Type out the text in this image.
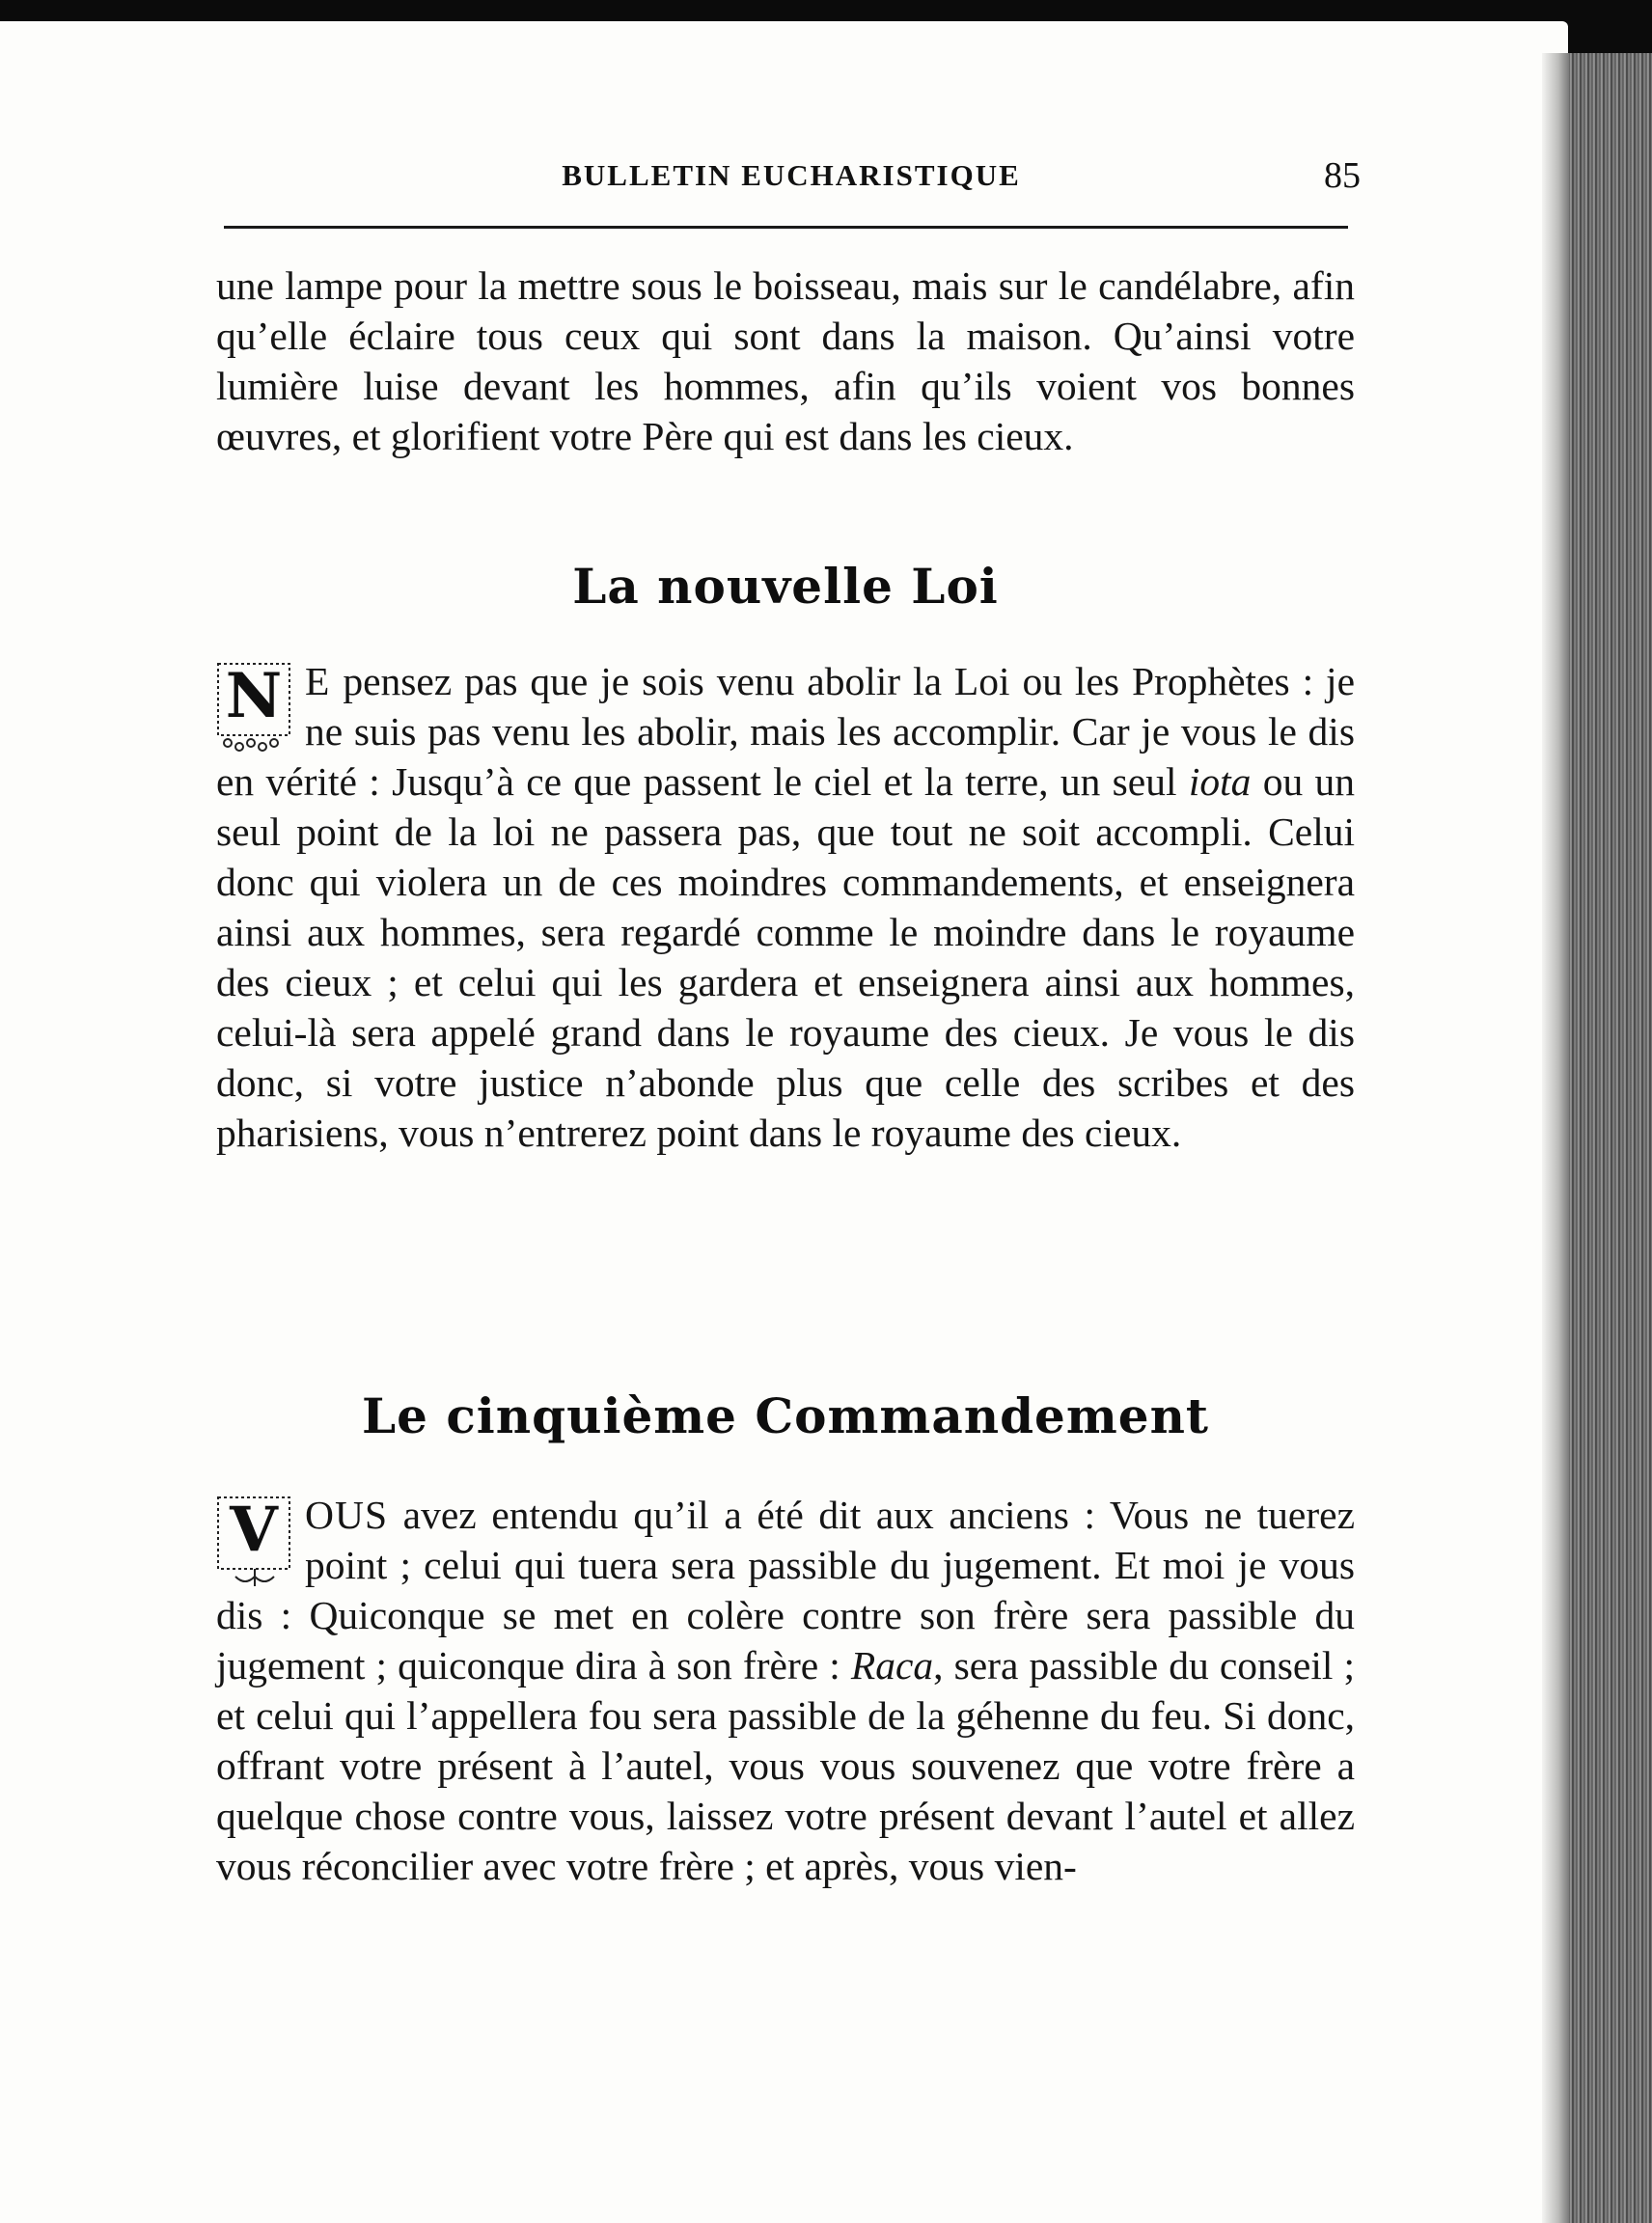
BULLETIN EUCHARISTIQUE	85

une lampe pour la mettre sous le boisseau, mais sur le candélabre, afin qu’elle éclaire tous ceux qui sont dans la maison. Qu’ainsi votre lumière luise devant les hommes, afin qu’ils voient vos bonnes œuvres, et glorifient votre Père qui est dans les cieux.

La nouvelle Loi

N E pensez pas que je sois venu abolir la Loi ou les Prophètes : je ne suis pas venu les abolir, mais les accomplir. Car je vous le dis en vérité : Jusqu’à ce que passent le ciel et la terre, un seul iota ou un seul point de la loi ne passera pas, que tout ne soit accompli. Celui donc qui violera un de ces moindres commandements, et enseignera ainsi aux hommes, sera regardé comme le moindre dans le royaume des cieux ; et celui qui les gardera et enseignera ainsi aux hommes, celui-là sera appelé grand dans le royaume des cieux. Je vous le dis donc, si votre justice n’abonde plus que celle des scribes et des pharisiens, vous n’entrerez point dans le royaume des cieux.

Le cinquième Commandement

V OUS avez entendu qu’il a été dit aux anciens : Vous ne tuerez point ; celui qui tuera sera passible du jugement. Et moi je vous dis : Quiconque se met en colère contre son frère sera passible du jugement ; quiconque dira à son frère : Raca, sera passible du conseil ; et celui qui l’appellera fou sera passible de la géhenne du feu. Si donc, offrant votre présent à l’autel, vous vous souvenez que votre frère a quelque chose contre vous, laissez votre présent devant l’autel et allez vous réconcilier avec votre frère ; et après, vous vien-
